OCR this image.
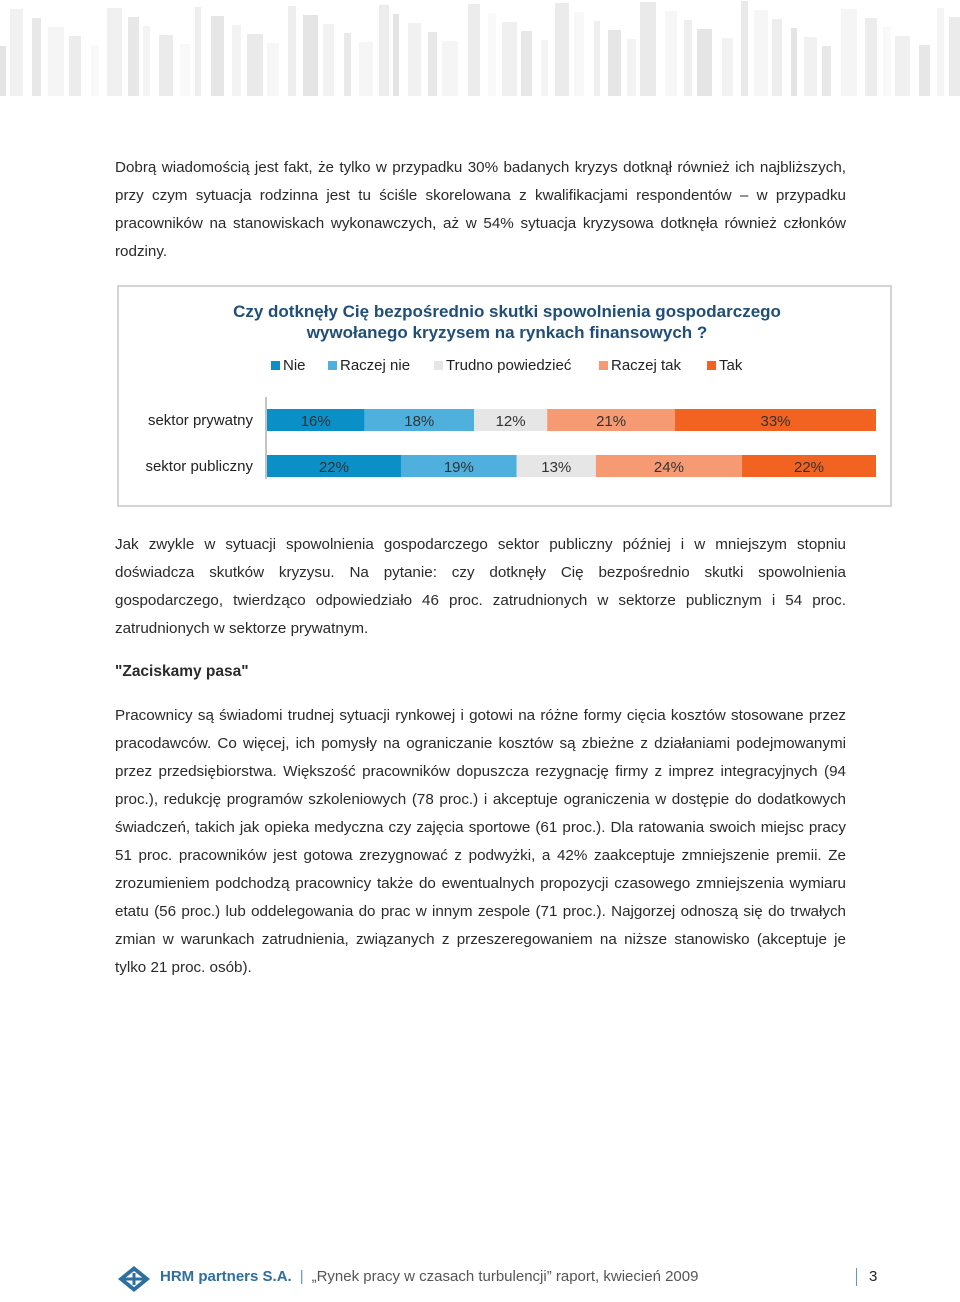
Dobrą wiadomością jest fakt, że tylko w przypadku 30% badanych kryzys dotknął również ich najbliższych, przy czym sytuacja rodzinna jest tu ściśle skorelowana z kwalifikacjami respondentów – w przypadku pracowników na stanowiskach wykonawczych, aż w 54% sytuacja kryzysowa dotknęła również członków rodziny.

Czy dotknęły Cię bezpośrednio skutki spowolnienia gospodarczego
wywołanego kryzysem na rynkach finansowych ?
Nie Raczej nie Trudno powiedzieć	Raczej tak	Tak
sektor prywatny	16%	18%	12%	21%	33%
sektor publiczny	22%	19%	13%	24%	22%

Jak zwykle w sytuacji spowolnienia gospodarczego sektor publiczny później i w mniejszym stopniu doświadcza skutków kryzysu. Na pytanie: czy dotknęły Cię bezpośrednio skutki spowolnienia gospodarczego, twierdząco odpowiedziało 46 proc. zatrudnionych w sektorze publicznym i 54 proc. zatrudnionych w sektorze prywatnym.

"Zaciskamy pasa"

Pracownicy są świadomi trudnej sytuacji rynkowej i gotowi na różne formy cięcia kosztów stosowane przez pracodawców. Co więcej, ich pomysły na ograniczanie kosztów są zbieżne z działaniami podejmowanymi przez przedsiębiorstwa. Większość pracowników dopuszcza rezygnację firmy z imprez integracyjnych (94 proc.), redukcję programów szkoleniowych (78 proc.) i akceptuje ograniczenia w dostępie do dodatkowych świadczeń, takich jak opieka medyczna czy zajęcia sportowe (61 proc.). Dla ratowania swoich miejsc pracy 51 proc. pracowników jest gotowa zrezygnować z podwyżki, a 42% zaakceptuje zmniejszenie premii. Ze zrozumieniem podchodzą pracownicy także do ewentualnych propozycji czasowego zmniejszenia wymiaru etatu (56 proc.) lub oddelegowania do prac w innym zespole (71 proc.). Najgorzej odnoszą się do trwałych zmian w warunkach zatrudnienia, związanych z przeszeregowaniem na niższe stanowisko (akceptuje je tylko 21 proc. osób).

HRM partners S.A. | „Rynek pracy w czasach turbulencji” raport, kwiecień 2009	3
